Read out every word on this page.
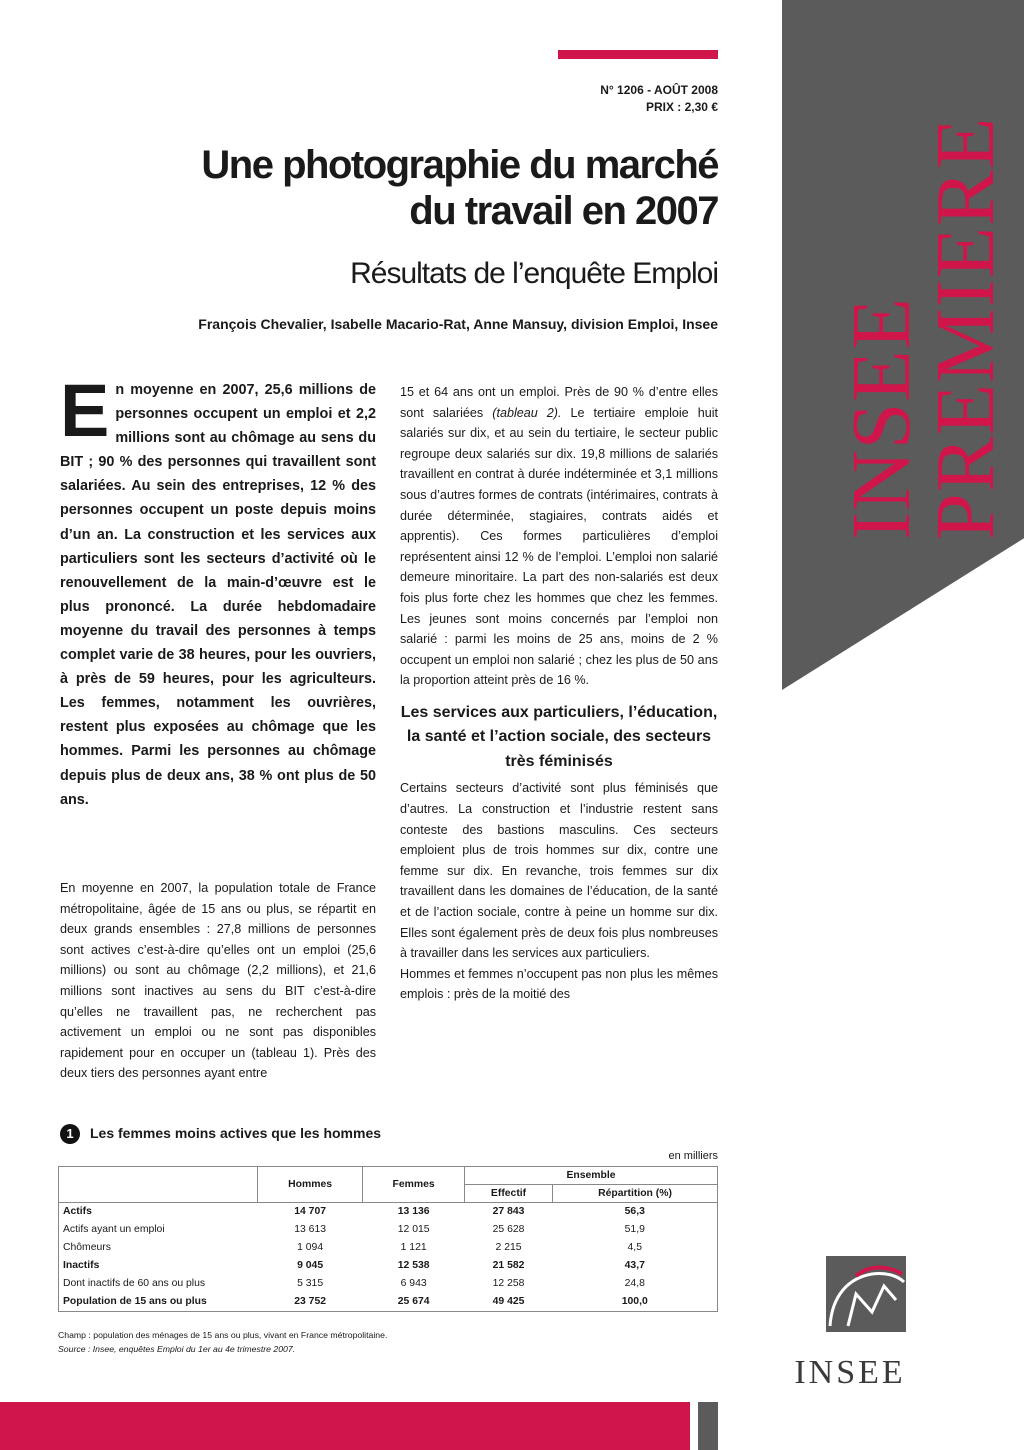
INSEE
PREMIERE
N° 1206 - AOÛT 2008
PRIX : 2,30 €
Une photographie du marché
du travail en 2007
Résultats de l’enquête Emploi
François Chevalier, Isabelle Macario-Rat, Anne Mansuy, division Emploi, Insee
En moyenne en 2007, 25,6 millions de personnes occupent un emploi et 2,2 millions sont au chômage au sens du BIT ; 90 % des personnes qui travaillent sont salariées. Au sein des entreprises, 12 % des personnes occupent un poste depuis moins d’un an. La construction et les services aux particuliers sont les secteurs d’activité où le renouvellement de la main-d’œuvre est le plus prononcé. La durée hebdomadaire moyenne du travail des personnes à temps complet varie de 38 heures, pour les ouvriers, à près de 59 heures, pour les agriculteurs. Les femmes, notamment les ouvrières, restent plus exposées au chômage que les hommes. Parmi les personnes au chômage depuis plus de deux ans, 38 % ont plus de 50 ans.

En moyenne en 2007, la population totale de France métropolitaine, âgée de 15 ans ou plus, se répartit en deux grands ensembles : 27,8 millions de personnes sont actives c’est-à-dire qu’elles ont un emploi (25,6 millions) ou sont au chômage (2,2 millions), et 21,6 millions sont inactives au sens du BIT c’est-à-dire qu’elles ne travaillent pas, ne recherchent pas activement un emploi ou ne sont pas disponibles rapidement pour en occuper un (tableau 1). Près des deux tiers des personnes ayant entre

15 et 64 ans ont un emploi. Près de 90 % d’entre elles sont salariées (tableau 2). Le tertiaire emploie huit salariés sur dix, et au sein du tertiaire, le secteur public regroupe deux salariés sur dix. 19,8 millions de salariés travaillent en contrat à durée indéterminée et 3,1 millions sous d’autres formes de contrats (intérimaires, contrats à durée déterminée, stagiaires, contrats aidés et apprentis). Ces formes particulières d’emploi représentent ainsi 12 % de l’emploi. L’emploi non salarié demeure minoritaire. La part des non-salariés est deux fois plus forte chez les hommes que chez les femmes. Les jeunes sont moins concernés par l’emploi non salarié : parmi les moins de 25 ans, moins de 2 % occupent un emploi non salarié ; chez les plus de 50 ans la proportion atteint près de 16 %.

Les services aux particuliers, l’éducation, la santé et l’action sociale, des secteurs très féminisés

Certains secteurs d’activité sont plus féminisés que d’autres. La construction et l’industrie restent sans conteste des bastions masculins. Ces secteurs emploient plus de trois hommes sur dix, contre une femme sur dix. En revanche, trois femmes sur dix travaillent dans les domaines de l’éducation, de la santé et de l’action sociale, contre à peine un homme sur dix. Elles sont également près de deux fois plus nombreuses à travailler dans les services aux particuliers.

Hommes et femmes n’occupent pas non plus les mêmes emplois : près de la moitié des

1 Les femmes moins actives que les hommes
en milliers
	Hommes	Femmes	Ensemble	
			Effectif	Répartition (%)
Actifs	14 707	13 136	27 843	56,3
Actifs ayant un emploi	13 613	12 015	25 628	51,9
Chômeurs	1 094	1 121	2 215	4,5
Inactifs	9 045	12 538	21 582	43,7
Dont inactifs de 60 ans ou plus	5 315	6 943	12 258	24,8
Population de 15 ans ou plus	23 752	25 674	49 425	100,0
Champ : population des ménages de 15 ans ou plus, vivant en France métropolitaine.
Source : Insee, enquêtes Emploi du 1er au 4e trimestre 2007.
INSEE
